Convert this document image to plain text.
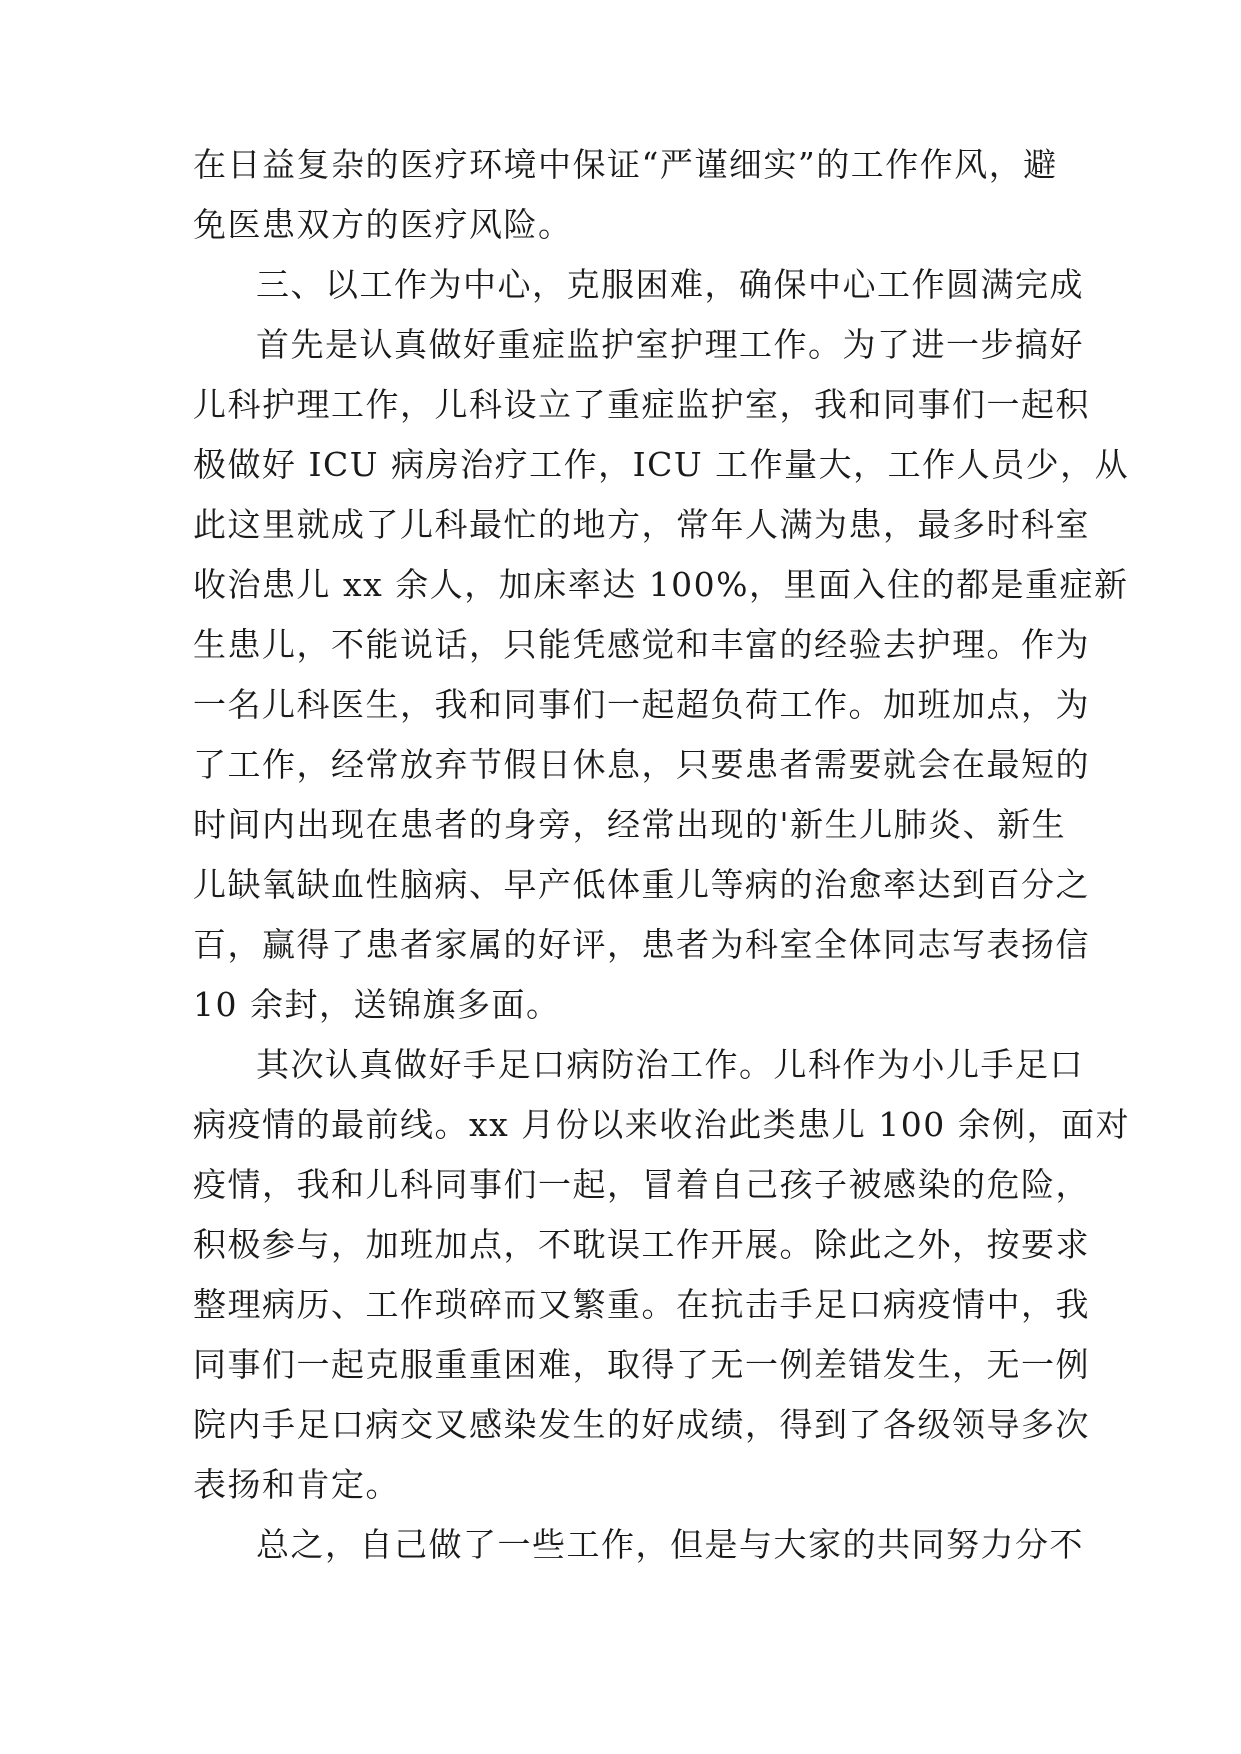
在日益复杂的医疗环境中保证“严谨细实”的工作作风，避
免医患双方的医疗风险。
三、以工作为中心，克服困难，确保中心工作圆满完成
首先是认真做好重症监护室护理工作。为了进一步搞好
儿科护理工作，儿科设立了重症监护室，我和同事们一起积
极做好 ICU 病房治疗工作，ICU 工作量大，工作人员少，从
此这里就成了儿科最忙的地方，常年人满为患，最多时科室
收治患儿 xx 余人，加床率达 100%，里面入住的都是重症新
生患儿，不能说话，只能凭感觉和丰富的经验去护理。作为
一名儿科医生，我和同事们一起超负荷工作。加班加点，为
了工作，经常放弃节假日休息，只要患者需要就会在最短的
时间内出现在患者的身旁，经常出现的'新生儿肺炎、新生
儿缺氧缺血性脑病、早产低体重儿等病的治愈率达到百分之
百，赢得了患者家属的好评，患者为科室全体同志写表扬信
10 余封，送锦旗多面。
其次认真做好手足口病防治工作。儿科作为小儿手足口
病疫情的最前线。xx 月份以来收治此类患儿 100 余例，面对
疫情，我和儿科同事们一起，冒着自己孩子被感染的危险，
积极参与，加班加点，不耽误工作开展。除此之外，按要求
整理病历、工作琐碎而又繁重。在抗击手足口病疫情中，我
同事们一起克服重重困难，取得了无一例差错发生，无一例
院内手足口病交叉感染发生的好成绩，得到了各级领导多次
表扬和肯定。
总之，自己做了一些工作，但是与大家的共同努力分不
